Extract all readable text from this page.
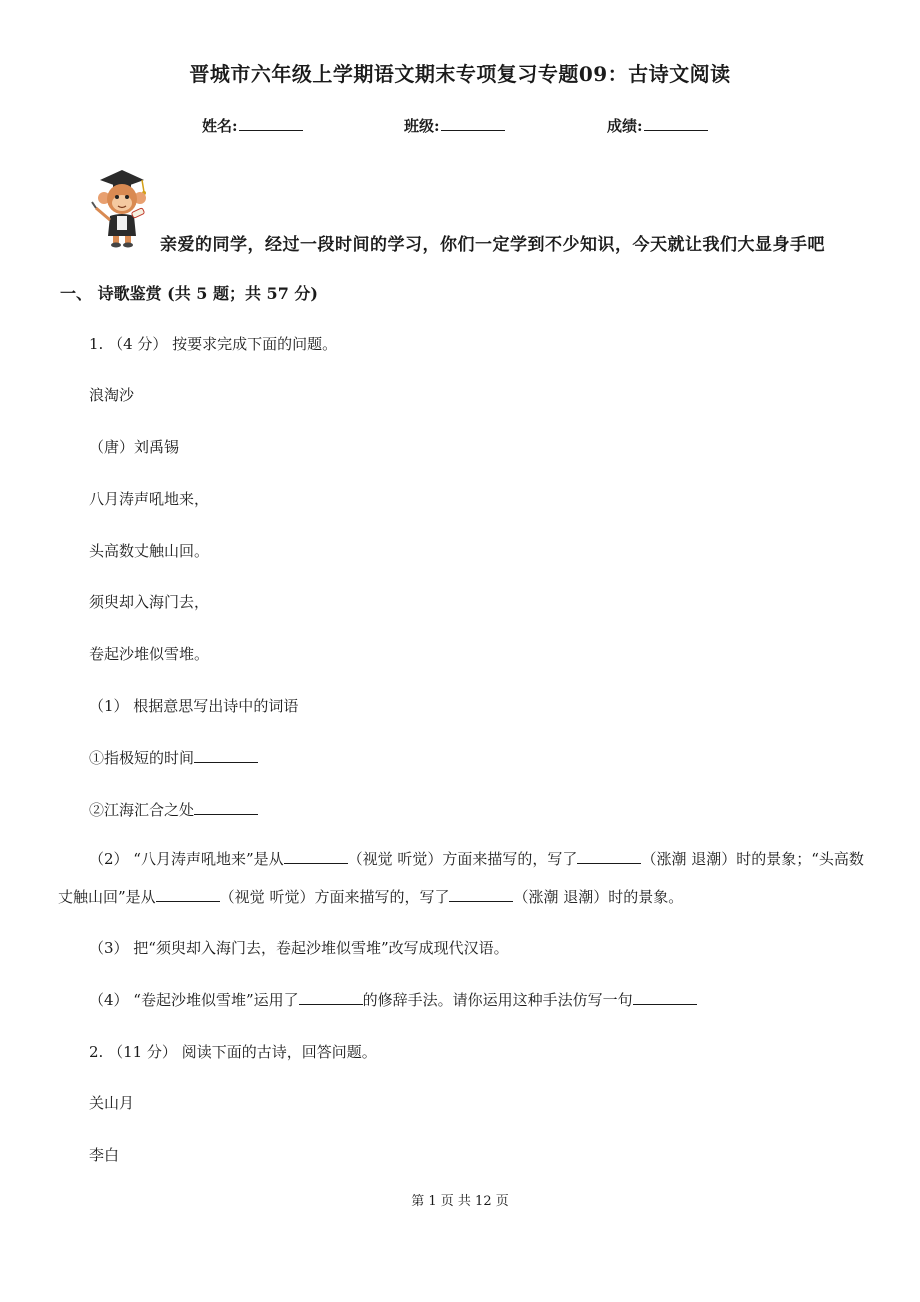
晋城市六年级上学期语文期末专项复习专题09：古诗文阅读
姓名:	班级:	成绩:
亲爱的同学，经过一段时间的学习，你们一定学到不少知识，今天就让我们大显身手吧
一、 诗歌鉴赏 (共 5 题；共 57 分)
1. （4 分） 按要求完成下面的问题。
浪淘沙
（唐）刘禹锡
八月涛声吼地来，
头高数丈触山回。
须臾却入海门去，
卷起沙堆似雪堆。
（1） 根据意思写出诗中的词语
①指极短的时间
②江海汇合之处
（2） “八月涛声吼地来”是从	（视觉 听觉）方面来描写的，写了	（涨潮 退潮）时的景象；“头高数丈触山回”是从	（视觉 听觉）方面来描写的，写了	（涨潮 退潮）时的景象。
（3） 把“须臾却入海门去，卷起沙堆似雪堆”改写成现代汉语。
（4） “卷起沙堆似雪堆”运用了	的修辞手法。请你运用这种手法仿写一句
2. （11 分） 阅读下面的古诗，回答问题。
关山月
李白
第 1 页 共 12 页
